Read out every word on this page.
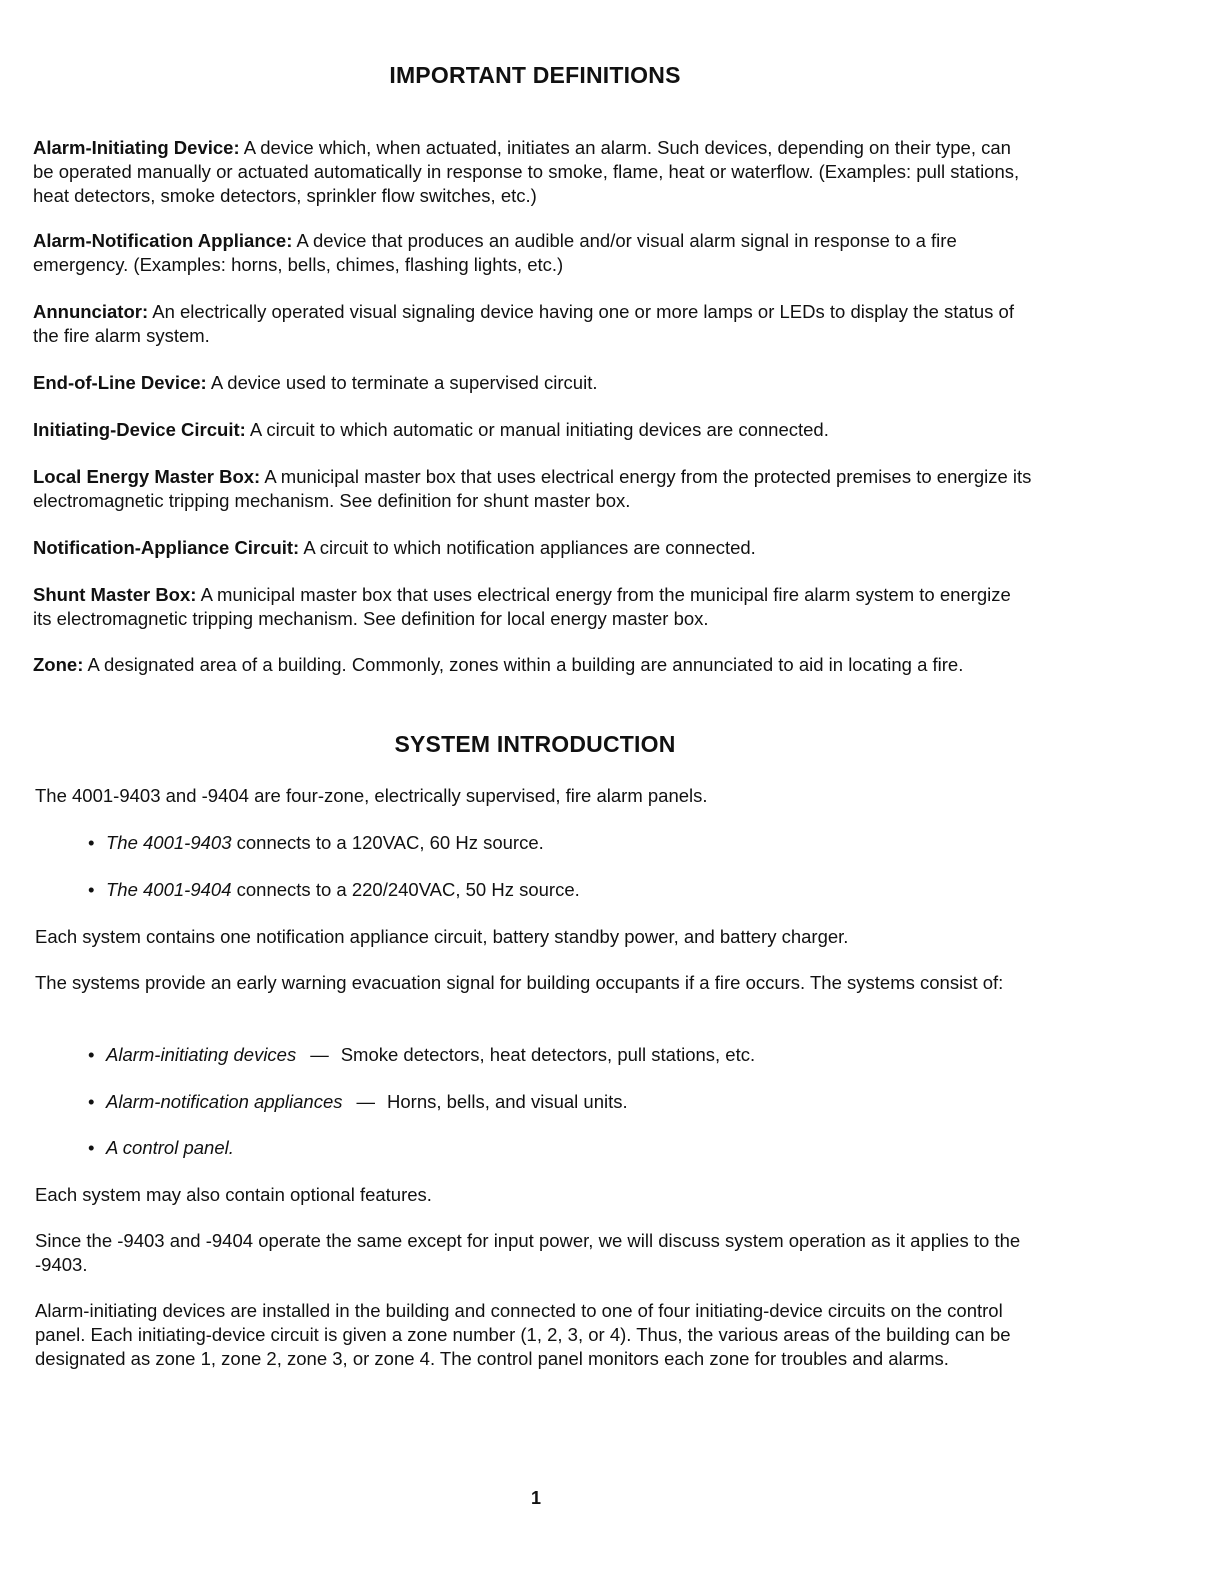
IMPORTANT DEFINITIONS
Alarm-Initiating Device: A device which, when actuated, initiates an alarm. Such devices, depending on their type, can be operated manually or actuated automatically in response to smoke, flame, heat or waterflow. (Examples: pull stations, heat detectors, smoke detectors, sprinkler flow switches, etc.)
Alarm-Notification Appliance: A device that produces an audible and/or visual alarm signal in response to a fire emergency. (Examples: horns, bells, chimes, flashing lights, etc.)
Annunciator: An electrically operated visual signaling device having one or more lamps or LEDs to display the status of the fire alarm system.
End-of-Line Device: A device used to terminate a supervised circuit.
Initiating-Device Circuit: A circuit to which automatic or manual initiating devices are connected.
Local Energy Master Box: A municipal master box that uses electrical energy from the protected premises to energize its electromagnetic tripping mechanism. See definition for shunt master box.
Notification-Appliance Circuit: A circuit to which notification appliances are connected.
Shunt Master Box: A municipal master box that uses electrical energy from the municipal fire alarm system to energize its electromagnetic tripping mechanism. See definition for local energy master box.
Zone: A designated area of a building. Commonly, zones within a building are annunciated to aid in locating a fire.
SYSTEM INTRODUCTION
The 4001-9403 and -9404 are four-zone, electrically supervised, fire alarm panels.
• The 4001-9403 connects to a 120VAC, 60 Hz source.
• The 4001-9404 connects to a 220/240VAC, 50 Hz source.
Each system contains one notification appliance circuit, battery standby power, and battery charger.
The systems provide an early warning evacuation signal for building occupants if a fire occurs. The systems consist of:
• Alarm-initiating devices — Smoke detectors, heat detectors, pull stations, etc.
• Alarm-notification appliances — Horns, bells, and visual units.
• A control panel.
Each system may also contain optional features.
Since the -9403 and -9404 operate the same except for input power, we will discuss system operation as it applies to the -9403.
Alarm-initiating devices are installed in the building and connected to one of four initiating-device circuits on the control panel. Each initiating-device circuit is given a zone number (1, 2, 3, or 4). Thus, the various areas of the building can be designated as zone 1, zone 2, zone 3, or zone 4. The control panel monitors each zone for troubles and alarms.
1
